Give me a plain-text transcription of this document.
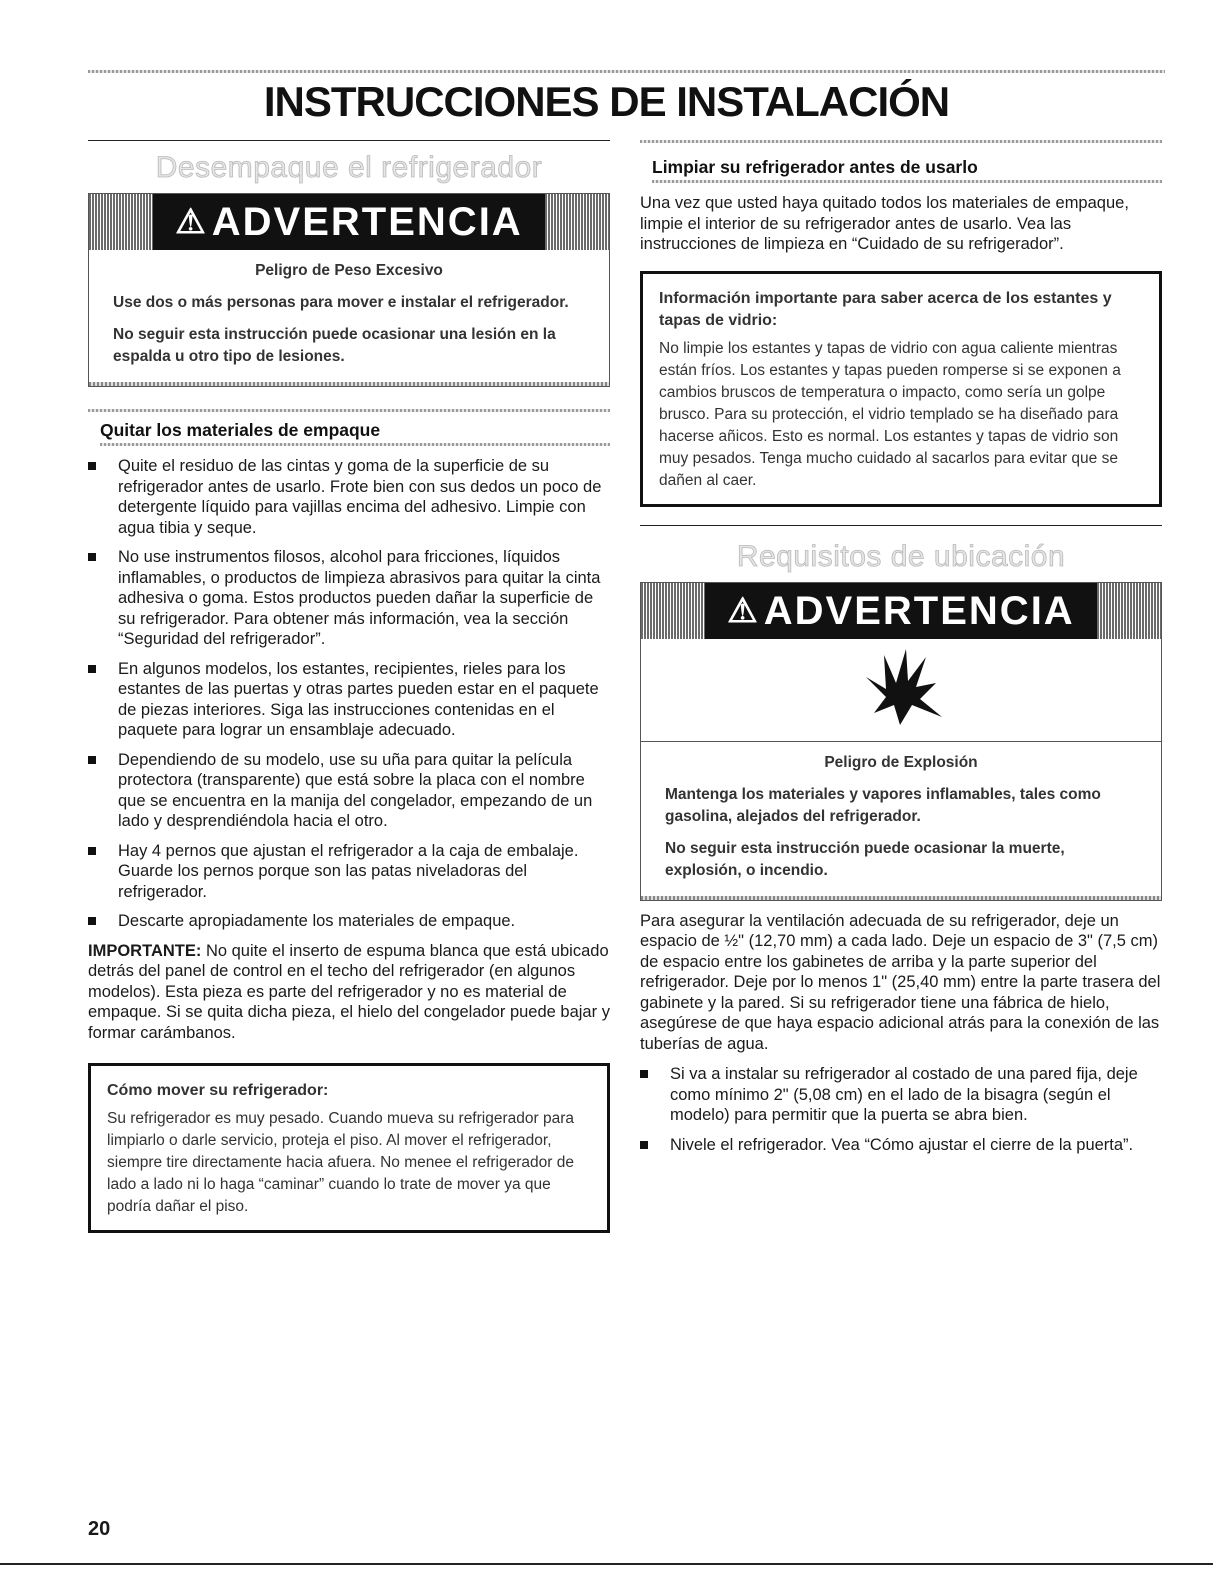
INSTRUCCIONES DE INSTALACIÓN
Desempaque el refrigerador
⚠ ADVERTENCIA
Peligro de Peso Excesivo

Use dos o más personas para mover e instalar el refrigerador.

No seguir esta instrucción puede ocasionar una lesión en la espalda u otro tipo de lesiones.

Quitar los materiales de empaque
Quite el residuo de las cintas y goma de la superficie de su refrigerador antes de usarlo. Frote bien con sus dedos un poco de detergente líquido para vajillas encima del adhesivo. Limpie con agua tibia y seque.
No use instrumentos filosos, alcohol para fricciones, líquidos inflamables, o productos de limpieza abrasivos para quitar la cinta adhesiva o goma. Estos productos pueden dañar la superficie de su refrigerador. Para obtener más información, vea la sección “Seguridad del refrigerador”.
En algunos modelos, los estantes, recipientes, rieles para los estantes de las puertas y otras partes pueden estar en el paquete de piezas interiores. Siga las instrucciones contenidas en el paquete para lograr un ensamblaje adecuado.
Dependiendo de su modelo, use su uña para quitar la película protectora (transparente) que está sobre la placa con el nombre que se encuentra en la manija del congelador, empezando de un lado y desprendiéndola hacia el otro.
Hay 4 pernos que ajustan el refrigerador a la caja de embalaje. Guarde los pernos porque son las patas niveladoras del refrigerador.
Descarte apropiadamente los materiales de empaque.

IMPORTANTE: No quite el inserto de espuma blanca que está ubicado detrás del panel de control en el techo del refrigerador (en algunos modelos). Esta pieza es parte del refrigerador y no es material de empaque. Si se quita dicha pieza, el hielo del congelador puede bajar y formar carámbanos.

Cómo mover su refrigerador:
Su refrigerador es muy pesado. Cuando mueva su refrigerador para limpiarlo o darle servicio, proteja el piso. Al mover el refrigerador, siempre tire directamente hacia afuera. No menee el refrigerador de lado a lado ni lo haga “caminar” cuando lo trate de mover ya que podría dañar el piso.
Limpiar su refrigerador antes de usarlo

Una vez que usted haya quitado todos los materiales de empaque, limpie el interior de su refrigerador antes de usarlo. Vea las instrucciones de limpieza en “Cuidado de su refrigerador”.

Información importante para saber acerca de los estantes y tapas de vidrio:
No limpie los estantes y tapas de vidrio con agua caliente mientras están fríos. Los estantes y tapas pueden romperse si se exponen a cambios bruscos de temperatura o impacto, como sería un golpe brusco. Para su protección, el vidrio templado se ha diseñado para hacerse añicos. Esto es normal. Los estantes y tapas de vidrio son muy pesados. Tenga mucho cuidado al sacarlos para evitar que se dañen al caer.
Requisitos de ubicación
⚠ ADVERTENCIA
Peligro de Explosión

Mantenga los materiales y vapores inflamables, tales como gasolina, alejados del refrigerador.

No seguir esta instrucción puede ocasionar la muerte, explosión, o incendio.

Para asegurar la ventilación adecuada de su refrigerador, deje un espacio de ½" (12,70 mm) a cada lado. Deje un espacio de 3" (7,5 cm) de espacio entre los gabinetes de arriba y la parte superior del refrigerador. Deje por lo menos 1" (25,40 mm) entre la parte trasera del gabinete y la pared. Si su refrigerador tiene una fábrica de hielo, asegúrese de que haya espacio adicional atrás para la conexión de las tuberías de agua.

Si va a instalar su refrigerador al costado de una pared fija, deje como mínimo 2" (5,08 cm) en el lado de la bisagra (según el modelo) para permitir que la puerta se abra bien.
Nivele el refrigerador. Vea “Cómo ajustar el cierre de la puerta”.
20
